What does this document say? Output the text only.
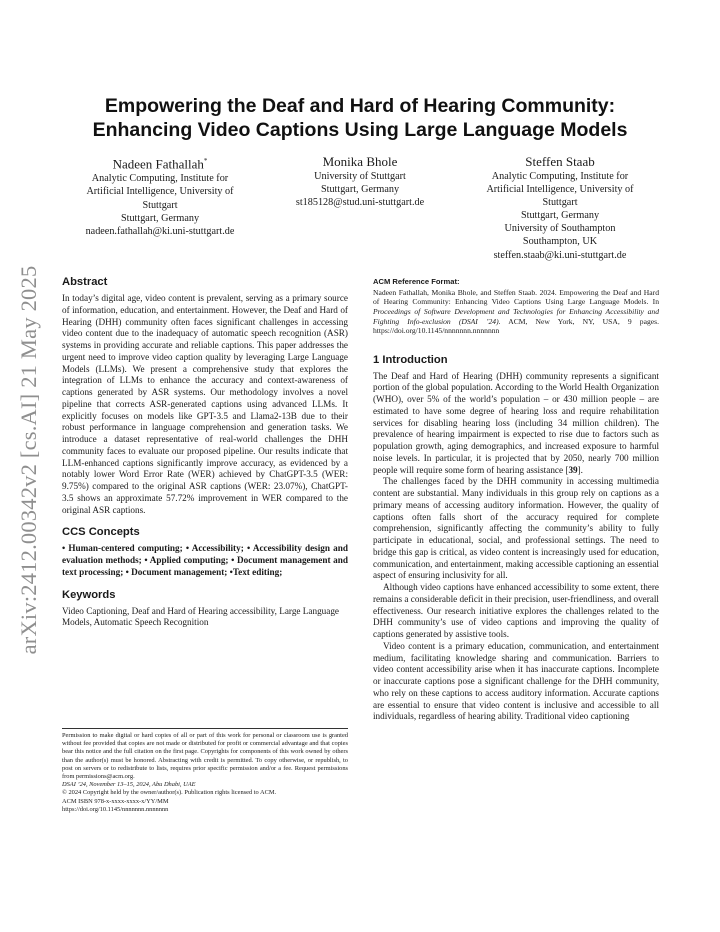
arXiv:2412.00342v2 [cs.AI] 21 May 2025
Empowering the Deaf and Hard of Hearing Community:
Enhancing Video Captions Using Large Language Models
Nadeen Fathallah*
Analytic Computing, Institute for
Artificial Intelligence, University of
Stuttgart
Stuttgart, Germany
nadeen.fathallah@ki.uni-stuttgart.de
Monika Bhole
University of Stuttgart
Stuttgart, Germany
st185128@stud.uni-stuttgart.de
Steffen Staab
Analytic Computing, Institute for
Artificial Intelligence, University of
Stuttgart
Stuttgart, Germany
University of Southampton
Southampton, UK
steffen.staab@ki.uni-stuttgart.de
Abstract

In today’s digital age, video content is prevalent, serving as a primary source of information, education, and entertainment. However, the Deaf and Hard of Hearing (DHH) community often faces significant challenges in accessing video content due to the inadequacy of automatic speech recognition (ASR) systems in providing accurate and reliable captions. This paper addresses the urgent need to improve video caption quality by leveraging Large Language Models (LLMs). We present a comprehensive study that explores the integration of LLMs to enhance the accuracy and context-awareness of captions generated by ASR systems. Our methodology involves a novel pipeline that corrects ASR-generated captions using advanced LLMs. It explicitly focuses on models like GPT-3.5 and Llama2-13B due to their robust performance in language comprehension and generation tasks. We introduce a dataset representative of real-world challenges the DHH community faces to evaluate our proposed pipeline. Our results indicate that LLM-enhanced captions significantly improve accuracy, as evidenced by a notably lower Word Error Rate (WER) achieved by ChatGPT-3.5 (WER: 9.75%) compared to the original ASR captions (WER: 23.07%), ChatGPT-3.5 shows an approximate 57.72% improvement in WER compared to the original ASR captions.

CCS Concepts

• Human-centered computing; • Accessibility; • Accessibility design and evaluation methods; • Applied computing; • Document management and text processing; • Document management; •Text editing;

Keywords

Video Captioning, Deaf and Hard of Hearing accessibility, Large Language Models, Automatic Speech Recognition

Permission to make digital or hard copies of all or part of this work for personal or classroom use is granted without fee provided that copies are not made or distributed for profit or commercial advantage and that copies bear this notice and the full citation on the first page. Copyrights for components of this work owned by others than the author(s) must be honored. Abstracting with credit is permitted. To copy otherwise, or republish, to post on servers or to redistribute to lists, requires prior specific permission and/or a fee. Request permissions from permissions@acm.org.
DSAI ’24, November 13–15, 2024, Abu Dhabi, UAE
© 2024 Copyright held by the owner/author(s). Publication rights licensed to ACM.
ACM ISBN 978-x-xxxx-xxxx-x/YY/MM
https://doi.org/10.1145/nnnnnnn.nnnnnnn
ACM Reference Format:
Nadeen Fathallah, Monika Bhole, and Steffen Staab. 2024. Empowering the Deaf and Hard of Hearing Community: Enhancing Video Captions Using Large Language Models. In Proceedings of Software Development and Technologies for Enhancing Accessibility and Fighting Info-exclusion (DSAI ’24). ACM, New York, NY, USA, 9 pages. https://doi.org/10.1145/nnnnnnn.nnnnnnn
1 Introduction

The Deaf and Hard of Hearing (DHH) community represents a significant portion of the global population. According to the World Health Organization (WHO), over 5% of the world’s population – or 430 million people – are estimated to have some degree of hearing loss and require rehabilitation services for disabling hearing loss (including 34 million children). The prevalence of hearing impairment is expected to rise due to factors such as population growth, aging demographics, and increased exposure to harmful noise levels. In particular, it is projected that by 2050, nearly 700 million people will require some form of hearing assistance [39].

The challenges faced by the DHH community in accessing multimedia content are substantial. Many individuals in this group rely on captions as a primary means of accessing auditory information. However, the quality of captions often falls short of the accuracy required for complete comprehension, significantly affecting the community’s ability to fully participate in educational, social, and professional settings. The need to bridge this gap is critical, as video content is increasingly used for education, communication, and entertainment, making accessible captioning an essential aspect of ensuring inclusivity for all.

Although video captions have enhanced accessibility to some extent, there remains a considerable deficit in their precision, user-friendliness, and overall effectiveness. Our research initiative explores the challenges related to the DHH community’s use of video captions and improving the quality of captions generated by assistive tools.

Video content is a primary education, communication, and entertainment medium, facilitating knowledge sharing and communication. Barriers to video content accessibility arise when it has inaccurate captions. Incomplete or inaccurate captions pose a significant challenge for the DHH community, who rely on these captions to access auditory information. Accurate captions are essential to ensure that video content is inclusive and accessible to all individuals, regardless of hearing ability. Traditional video captioning
